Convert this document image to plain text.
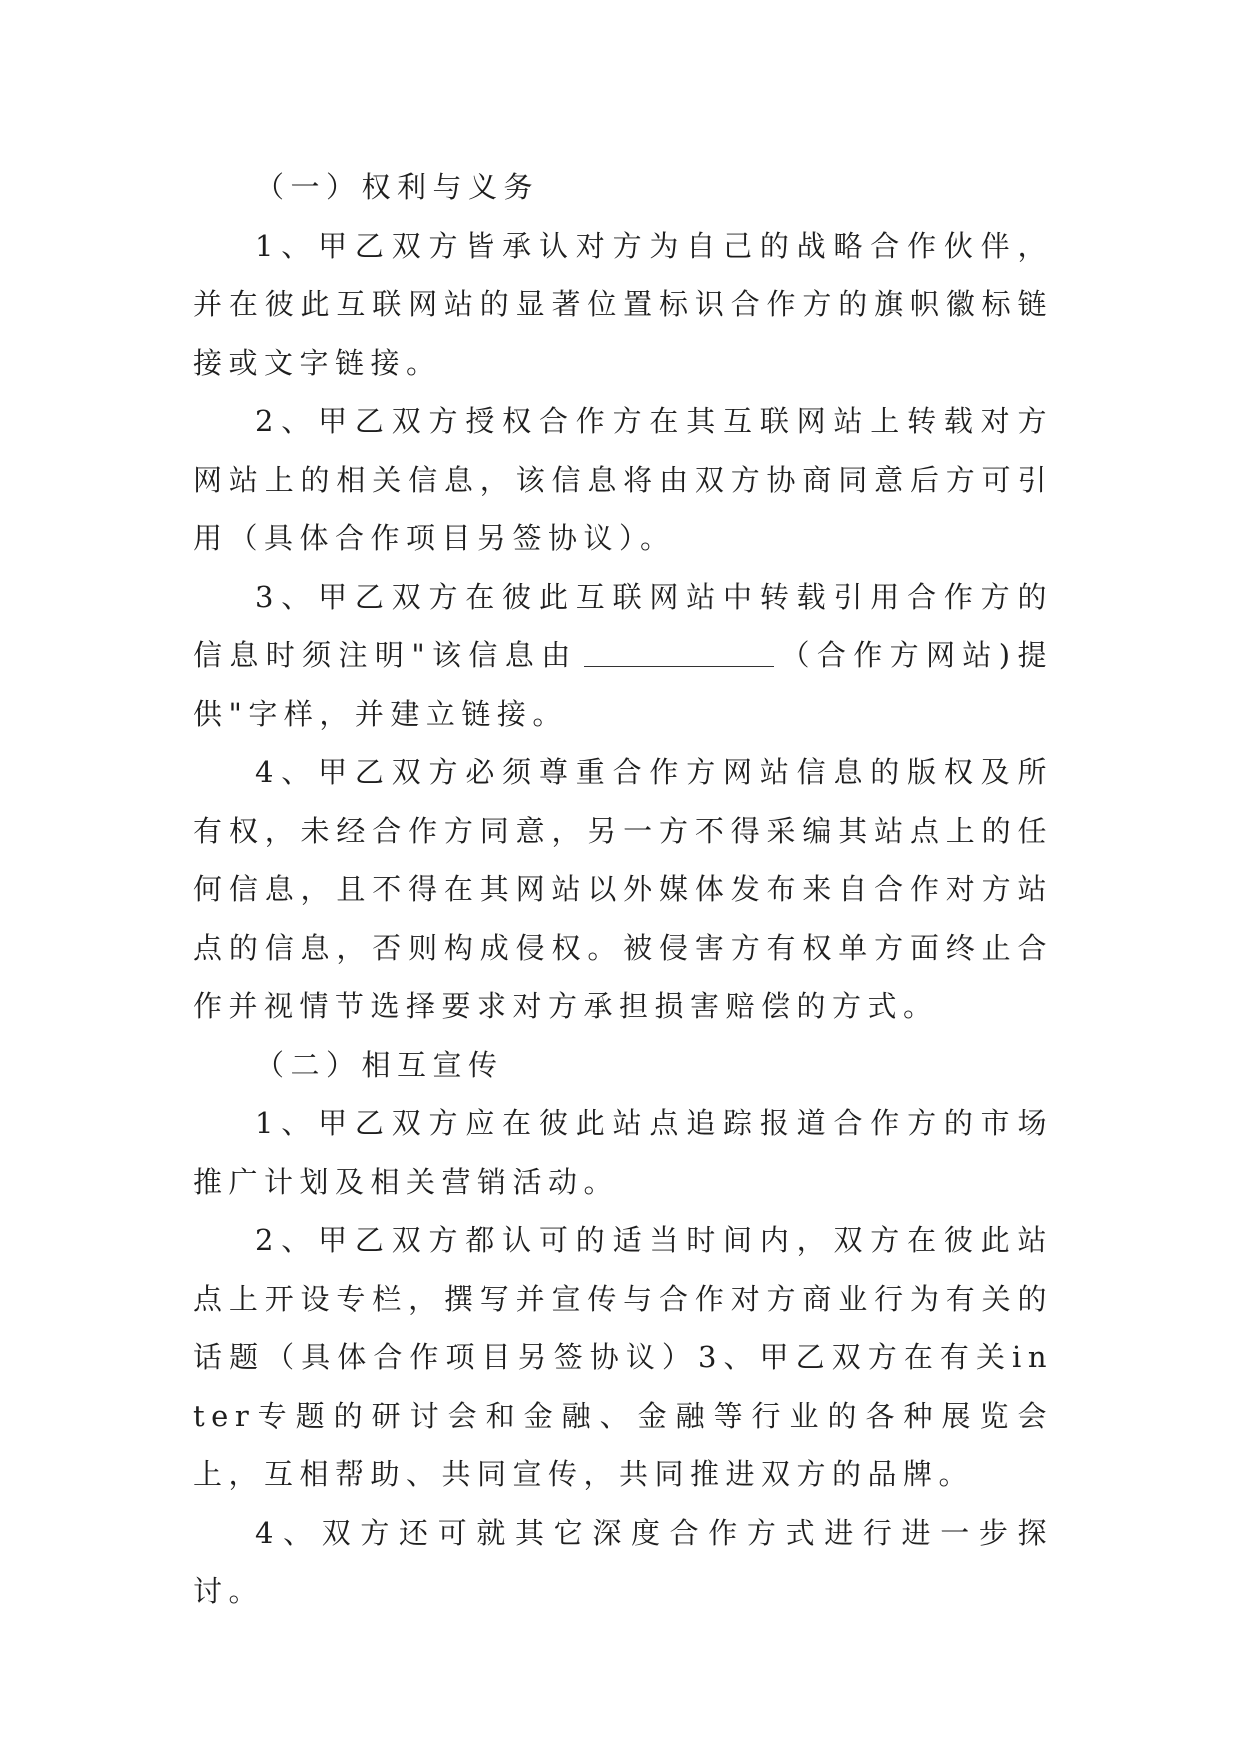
（一）权利与义务

1、甲乙双方皆承认对方为自己的战略合作伙伴，并在彼此互联网站的显著位置标识合作方的旗帜徽标链接或文字链接。

2、甲乙双方授权合作方在其互联网站上转载对方网站上的相关信息，该信息将由双方协商同意后方可引用（具体合作项目另签协议）。

3、甲乙双方在彼此互联网站中转载引用合作方的信息时须注明"该信息由	（合作方网站)提供"字样，并建立链接。

4、甲乙双方必须尊重合作方网站信息的版权及所有权，未经合作方同意，另一方不得采编其站点上的任何信息，且不得在其网站以外媒体发布来自合作对方站点的信息，否则构成侵权。被侵害方有权单方面终止合作并视情节选择要求对方承担损害赔偿的方式。

（二）相互宣传

1、甲乙双方应在彼此站点追踪报道合作方的市场推广计划及相关营销活动。

2、甲乙双方都认可的适当时间内，双方在彼此站点上开设专栏，撰写并宣传与合作对方商业行为有关的话题（具体合作项目另签协议）3、甲乙双方在有关inter专题的研讨会和金融、金融等行业的各种展览会上，互相帮助、共同宣传，共同推进双方的品牌。

4、双方还可就其它深度合作方式进行进一步探讨。
